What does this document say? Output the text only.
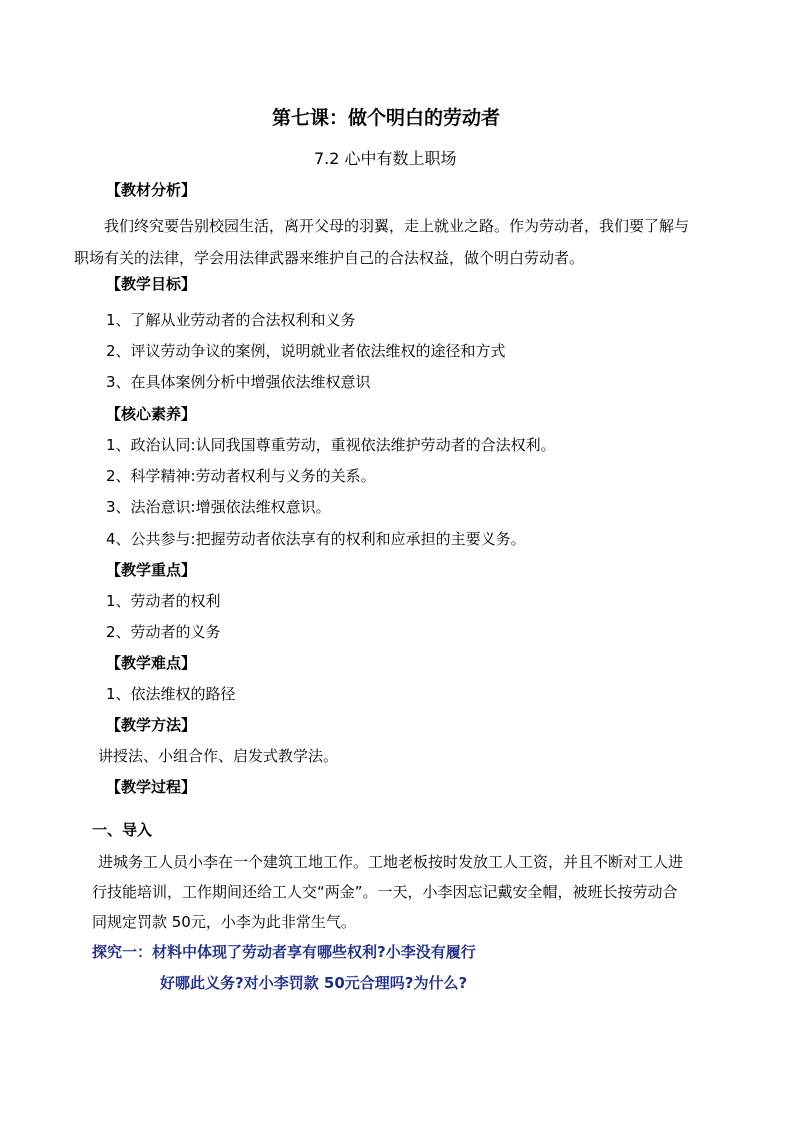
第七课：做个明白的劳动者
7.2 心中有数上职场
【教材分析】
我们终究要告别校园生活，离开父母的羽翼，走上就业之路。作为劳动者，我们要了解与
职场有关的法律，学会用法律武器来维护自己的合法权益，做个明白劳动者。
【教学目标】
1、了解从业劳动者的合法权利和义务
2、评议劳动争议的案例，说明就业者依法维权的途径和方式
3、在具体案例分析中增强依法维权意识
【核心素养】
1、政治认同:认同我国尊重劳动，重视依法维护劳动者的合法权利。
2、科学精神:劳动者权利与义务的关系。
3、法治意识:增强依法维权意识。
4、公共参与:把握劳动者依法享有的权利和应承担的主要义务。
【教学重点】
1、劳动者的权利
2、劳动者的义务
【教学难点】
1、依法维权的路径
【教学方法】
讲授法、小组合作、启发式教学法。
【教学过程】
一、导入
进城务工人员小李在一个建筑工地工作。工地老板按时发放工人工资，并且不断对工人进
行技能培训，工作期间还给工人交“两金”。一天，小李因忘记戴安全帽，被班长按劳动合
同规定罚款 50元，小李为此非常生气。
探究一：材料中体现了劳动者享有哪些权利?小李没有履行
好哪此义务?对小李罚款 50元合理吗?为什么?
